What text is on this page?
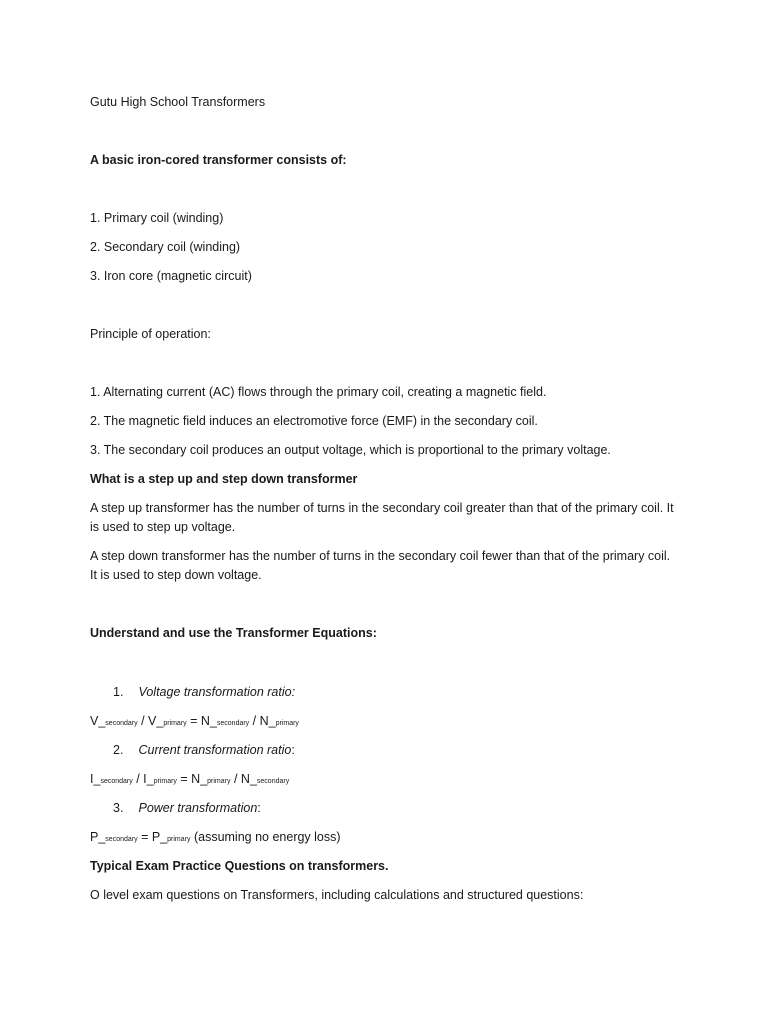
Gutu High School Transformers
A basic iron-cored transformer consists of:
1. Primary coil (winding)
2. Secondary coil (winding)
3. Iron core (magnetic circuit)
Principle of operation:
1. Alternating current (AC) flows through the primary coil, creating a magnetic field.
2. The magnetic field induces an electromotive force (EMF) in the secondary coil.
3. The secondary coil produces an output voltage, which is proportional to the primary voltage.
What is a step up and step down transformer
A step up transformer has the number of turns in the secondary coil greater than that of the primary coil. It is used to step up voltage.
A step down transformer has the number of turns in the secondary coil fewer than that of the primary coil. It is used to step down voltage.
Understand and use the Transformer Equations:
1. Voltage transformation ratio:
V_secondary / V_primary = N_secondary / N_primary
2. Current transformation ratio:
I_secondary / I_primary = N_primary / N_secondary
3. Power transformation:
P_secondary = P_primary (assuming no energy loss)
Typical Exam Practice Questions on transformers.
O level exam questions on Transformers, including calculations and structured questions:
